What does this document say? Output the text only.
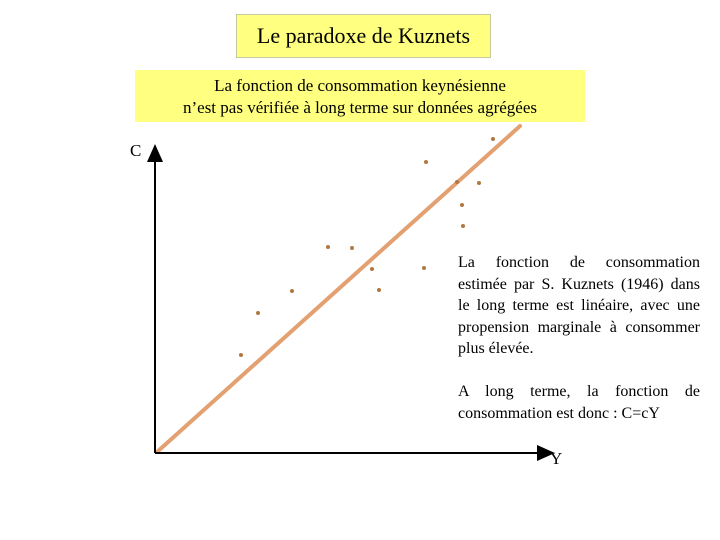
Le paradoxe de Kuznets
La fonction de consommation keynésienne
n’est pas vérifiée à long terme sur données agrégées
C
Y
La fonction de consommation estimée par S. Kuznets (1946) dans le long terme est linéaire, avec une propension marginale à consommer plus élevée.
A long terme, la fonction de consommation est donc : C=cY
